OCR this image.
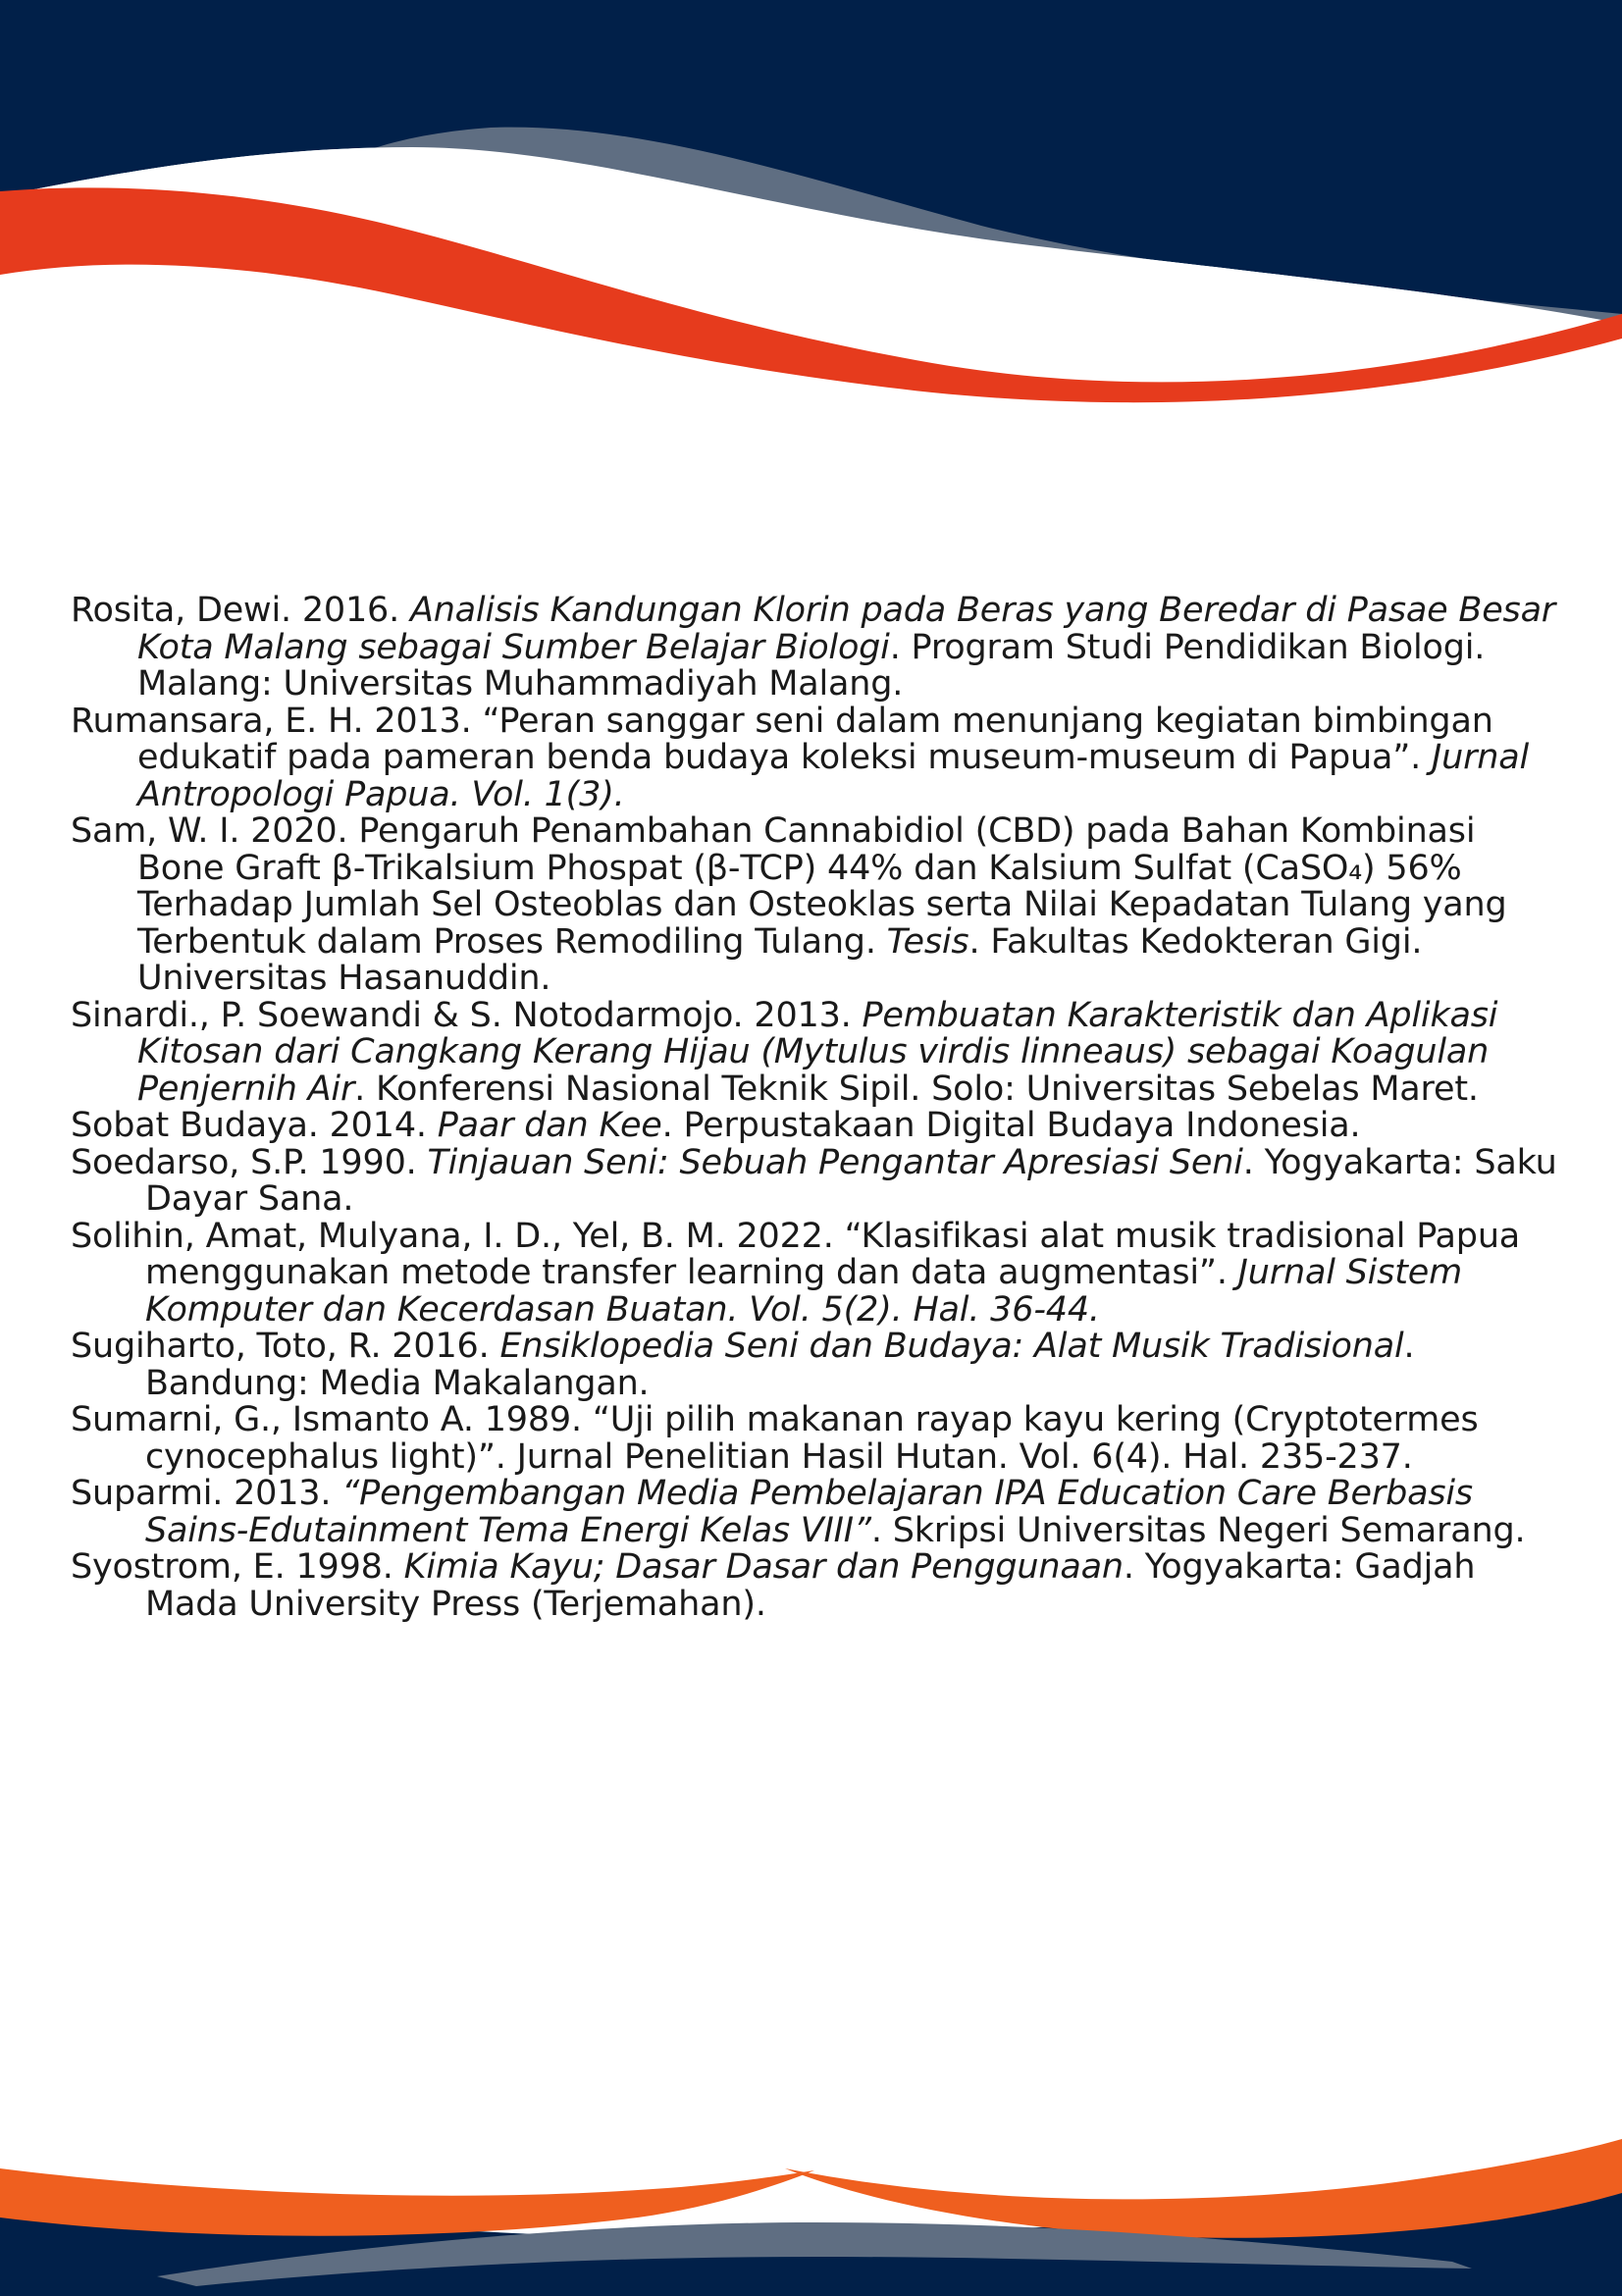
Rosita, Dewi. 2016. Analisis Kandungan Klorin pada Beras yang Beredar di Pasae Besar Kota Malang sebagai Sumber Belajar Biologi. Program Studi Pendidikan Biologi. Malang: Universitas Muhammadiyah Malang.

Rumansara, E. H. 2013. “Peran sanggar seni dalam menunjang kegiatan bimbingan edukatif pada pameran benda budaya koleksi museum-museum di Papua”. Jurnal Antropologi Papua. Vol. 1(3).

Sam, W. I. 2020. Pengaruh Penambahan Cannabidiol (CBD) pada Bahan Kombinasi Bone Graft β-Trikalsium Phospat (β-TCP) 44% dan Kalsium Sulfat (CaSO₄) 56% Terhadap Jumlah Sel Osteoblas dan Osteoklas serta Nilai Kepadatan Tulang yang Terbentuk dalam Proses Remodiling Tulang. Tesis. Fakultas Kedokteran Gigi. Universitas Hasanuddin.

Sinardi., P. Soewandi & S. Notodarmojo. 2013. Pembuatan Karakteristik dan Aplikasi Kitosan dari Cangkang Kerang Hijau (Mytulus virdis linneaus) sebagai Koagulan Penjernih Air. Konferensi Nasional Teknik Sipil. Solo: Universitas Sebelas Maret.

Sobat Budaya. 2014. Paar dan Kee. Perpustakaan Digital Budaya Indonesia.

Soedarso, S.P. 1990. Tinjauan Seni: Sebuah Pengantar Apresiasi Seni. Yogyakarta: Saku Dayar Sana.

Solihin, Amat, Mulyana, I. D., Yel, B. M. 2022. “Klasifikasi alat musik tradisional Papua menggunakan metode transfer learning dan data augmentasi”. Jurnal Sistem Komputer dan Kecerdasan Buatan. Vol. 5(2). Hal. 36-44.

Sugiharto, Toto, R. 2016. Ensiklopedia Seni dan Budaya: Alat Musik Tradisional. Bandung: Media Makalangan.

Sumarni, G., Ismanto A. 1989. “Uji pilih makanan rayap kayu kering (Cryptotermes cynocephalus light)”. Jurnal Penelitian Hasil Hutan. Vol. 6(4). Hal. 235-237.

Suparmi. 2013. “Pengembangan Media Pembelajaran IPA Education Care Berbasis Sains-Edutainment Tema Energi Kelas VIII”. Skripsi Universitas Negeri Semarang.

Syostrom, E. 1998. Kimia Kayu; Dasar Dasar dan Penggunaan. Yogyakarta: Gadjah Mada University Press (Terjemahan).
